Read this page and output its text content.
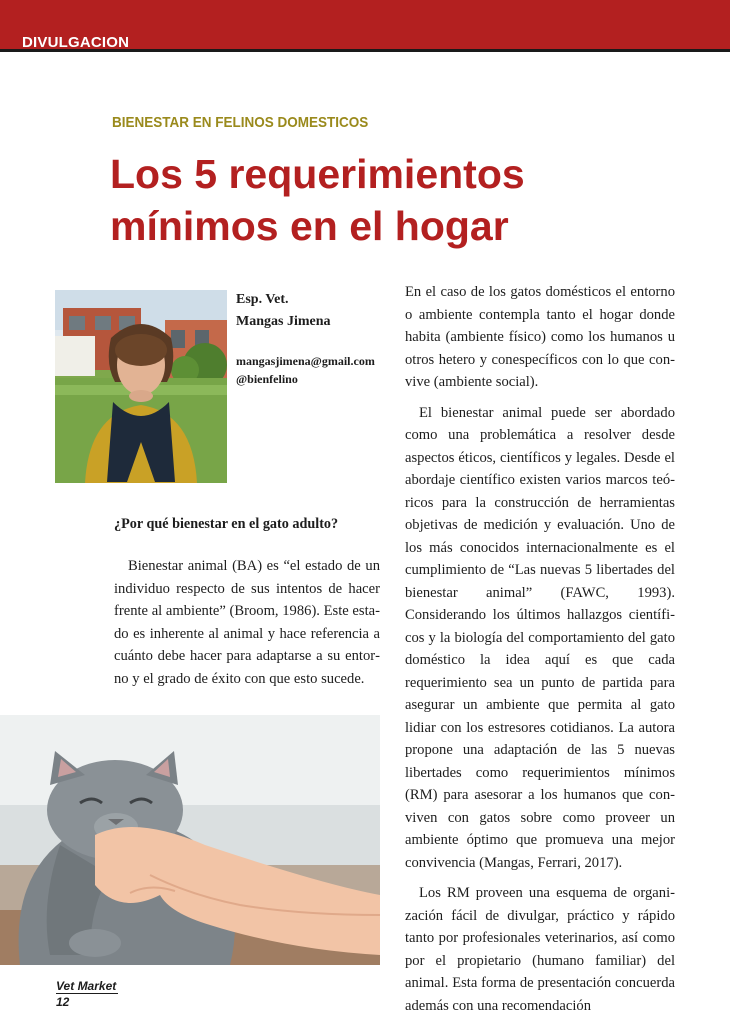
DIVULGACION
BIENESTAR EN FELINOS DOMESTICOS
Los 5 requerimientos
mínimos en el hogar
Esp. Vet.
Mangas Jimena
mangasjimena@gmail.com
@bienfelino
¿Por qué bienestar en el gato adulto?

Bienestar animal (BA) es “el estado de un individuo respecto de sus intentos de hacer frente al ambiente” (Broom, 1986). Este estado es inherente al animal y hace referencia a cuánto debe hacer para adaptarse a su entorno y el grado de éxito con que esto sucede.

En el caso de los gatos domésticos el entorno o ambiente contempla tanto el hogar donde habita (ambiente físico) como los humanos u otros hetero y conespecíficos con lo que convive (ambiente social).

El bienestar animal puede ser abordado como una problemática a resolver desde aspectos éticos, científicos y legales. Desde el abordaje científico existen varios marcos teóricos para la construcción de herramientas objetivas de medición y evaluación. Uno de los más conocidos internacionalmente es el cumplimiento de “Las nuevas 5 libertades del bienestar animal” (FAWC, 1993). Considerando los últimos hallazgos científicos y la biología del comportamiento del gato doméstico la idea aquí es que cada requerimiento sea un punto de partida para asegurar un ambiente que permita al gato lidiar con los estresores cotidianos. La autora propone una adaptación de las 5 nuevas libertades como requerimientos mínimos (RM) para asesorar a los humanos que conviven con gatos sobre como proveer un ambiente óptimo que promueva una mejor convivencia (Mangas, Ferrari, 2017).

Los RM proveen una esquema de organización fácil de divulgar, práctico y rápido tanto por profesionales veterinarios, así como por el propietario (humano familiar) del animal. Esta forma de presentación concuerda además con una recomendación

Vet Market
12
